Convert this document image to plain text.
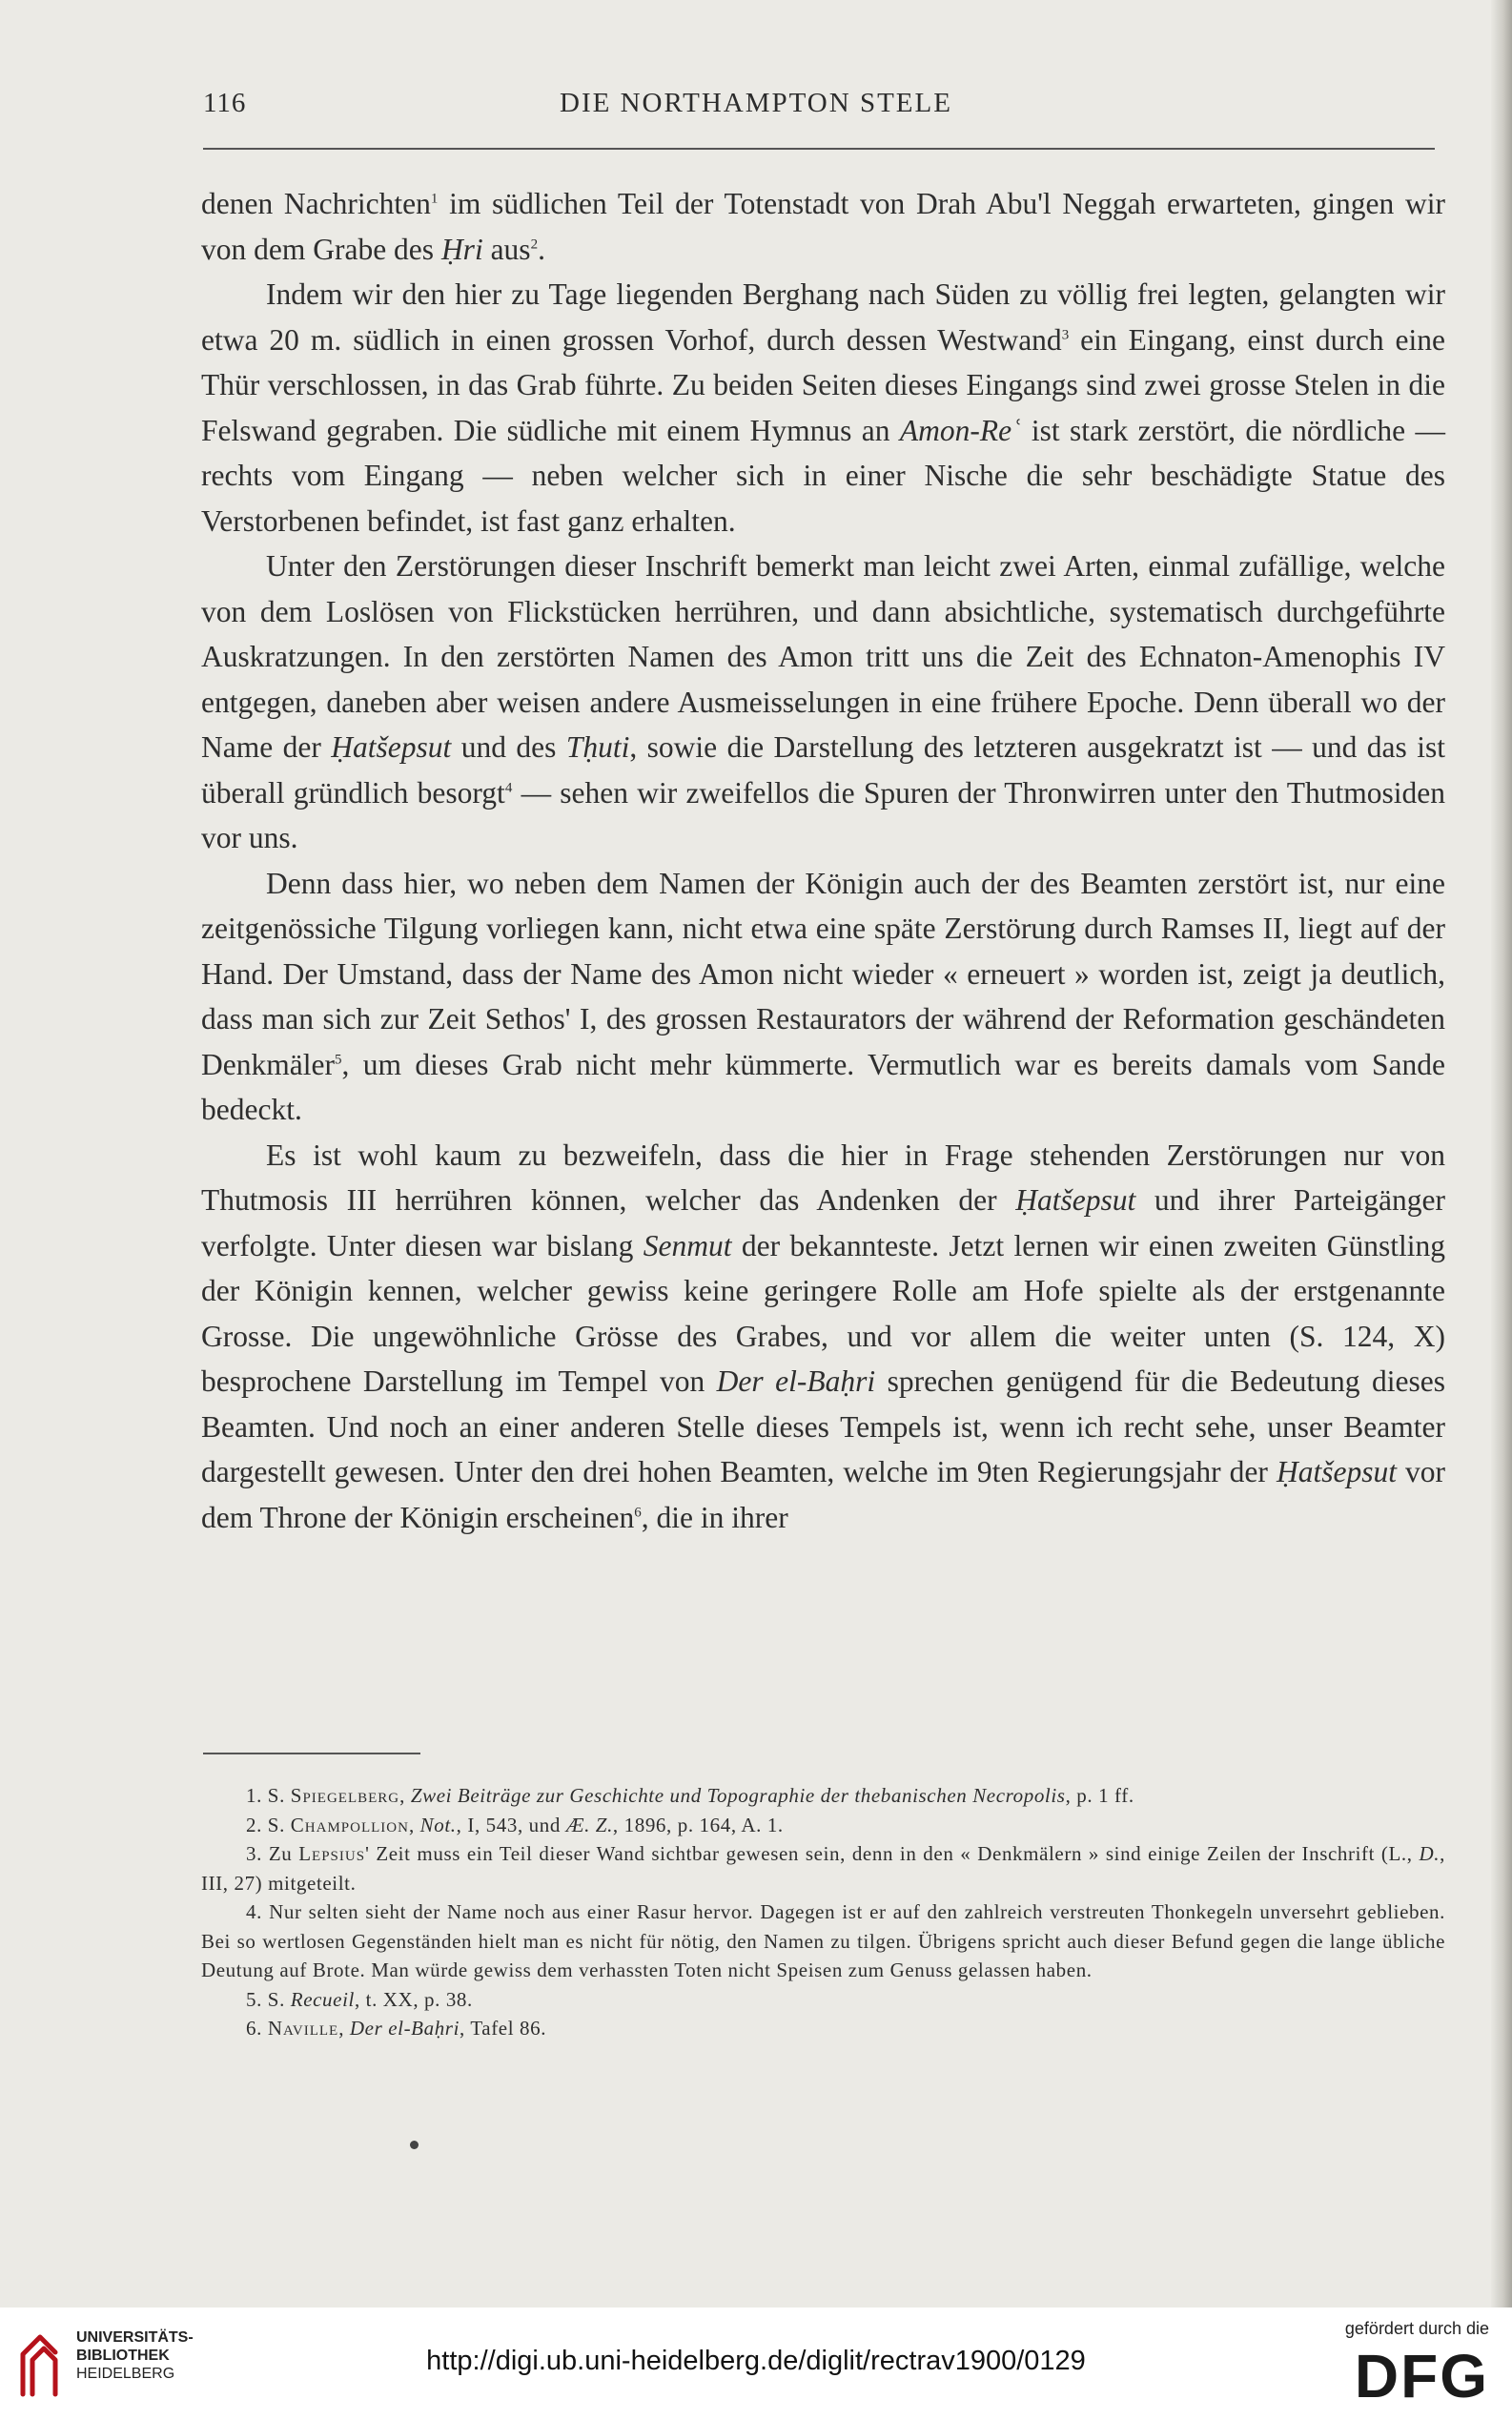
116	DIE NORTHAMPTON STELE

denen Nachrichten$^1$ im südlichen Teil der Totenstadt von Drah Abu'l Neggah erwarteten, gingen wir von dem Grabe des Ḥri aus$^2$.

Indem wir den hier zu Tage liegenden Berghang nach Süden zu völlig frei legten, gelangten wir etwa 20 m. südlich in einen grossen Vorhof, durch dessen Westwand$^3$ ein Eingang, einst durch eine Thür verschlossen, in das Grab führte. Zu beiden Seiten dieses Eingangs sind zwei grosse Stelen in die Felswand gegraben. Die südliche mit einem Hymnus an Amon-Reʿ ist stark zerstört, die nördliche — rechts vom Eingang — neben welcher sich in einer Nische die sehr beschädigte Statue des Verstorbenen befindet, ist fast ganz erhalten.

Unter den Zerstörungen dieser Inschrift bemerkt man leicht zwei Arten, einmal zufällige, welche von dem Loslösen von Flickstücken herrühren, und dann absichtliche, systematisch durchgeführte Auskratzungen. In den zerstörten Namen des Amon tritt uns die Zeit des Echnaton-Amenophis IV entgegen, daneben aber weisen andere Ausmeisselungen in eine frühere Epoche. Denn überall wo der Name der Ḥatšepsut und des Tḥuti, sowie die Darstellung des letzteren ausgekratzt ist — und das ist überall gründlich besorgt$^4$ — sehen wir zweifellos die Spuren der Thronwirren unter den Thutmosiden vor uns.

Denn dass hier, wo neben dem Namen der Königin auch der des Beamten zerstört ist, nur eine zeitgenössiche Tilgung vorliegen kann, nicht etwa eine späte Zerstörung durch Ramses II, liegt auf der Hand. Der Umstand, dass der Name des Amon nicht wieder « erneuert » worden ist, zeigt ja deutlich, dass man sich zur Zeit Sethos' I, des grossen Restaurators der während der Reformation geschändeten Denkmäler$^5$, um dieses Grab nicht mehr kümmerte. Vermutlich war es bereits damals vom Sande bedeckt.

Es ist wohl kaum zu bezweifeln, dass die hier in Frage stehenden Zerstörungen nur von Thutmosis III herrühren können, welcher das Andenken der Ḥatšepsut und ihrer Parteigänger verfolgte. Unter diesen war bislang Senmut der bekannteste. Jetzt lernen wir einen zweiten Günstling der Königin kennen, welcher gewiss keine geringere Rolle am Hofe spielte als der erstgenannte Grosse. Die ungewöhnliche Grösse des Grabes, und vor allem die weiter unten (S. 124, X) besprochene Darstellung im Tempel von Der el-Baḥri sprechen genügend für die Bedeutung dieses Beamten. Und noch an einer anderen Stelle dieses Tempels ist, wenn ich recht sehe, unser Beamter dargestellt gewesen. Unter den drei hohen Beamten, welche im 9ten Regierungsjahr der Ḥatšepsut vor dem Throne der Königin erscheinen$^6$, die in ihrer

1. S. Spiegelberg, Zwei Beiträge zur Geschichte und Topographie der thebanischen Necropolis, p. 1 ff.

2. S. Champollion, Not., I, 543, und Æ. Z., 1896, p. 164, A. 1.

3. Zu Lepsius' Zeit muss ein Teil dieser Wand sichtbar gewesen sein, denn in den « Denkmälern » sind einige Zeilen der Inschrift (L., D., III, 27) mitgeteilt.

4. Nur selten sieht der Name noch aus einer Rasur hervor. Dagegen ist er auf den zahlreich verstreuten Thonkegeln unversehrt geblieben. Bei so wertlosen Gegenständen hielt man es nicht für nötig, den Namen zu tilgen. Übrigens spricht auch dieser Befund gegen die lange übliche Deutung auf Brote. Man würde gewiss dem verhassten Toten nicht Speisen zum Genuss gelassen haben.

5. S. Recueil, t. XX, p. 38.

6. Naville, Der el-Baḥri, Tafel 86.

UNIVERSITÄTS-
BIBLIOTHEK
HEIDELBERG	http://digi.ub.uni-heidelberg.de/diglit/rectrav1900/0129
gefördert durch die
DFG
